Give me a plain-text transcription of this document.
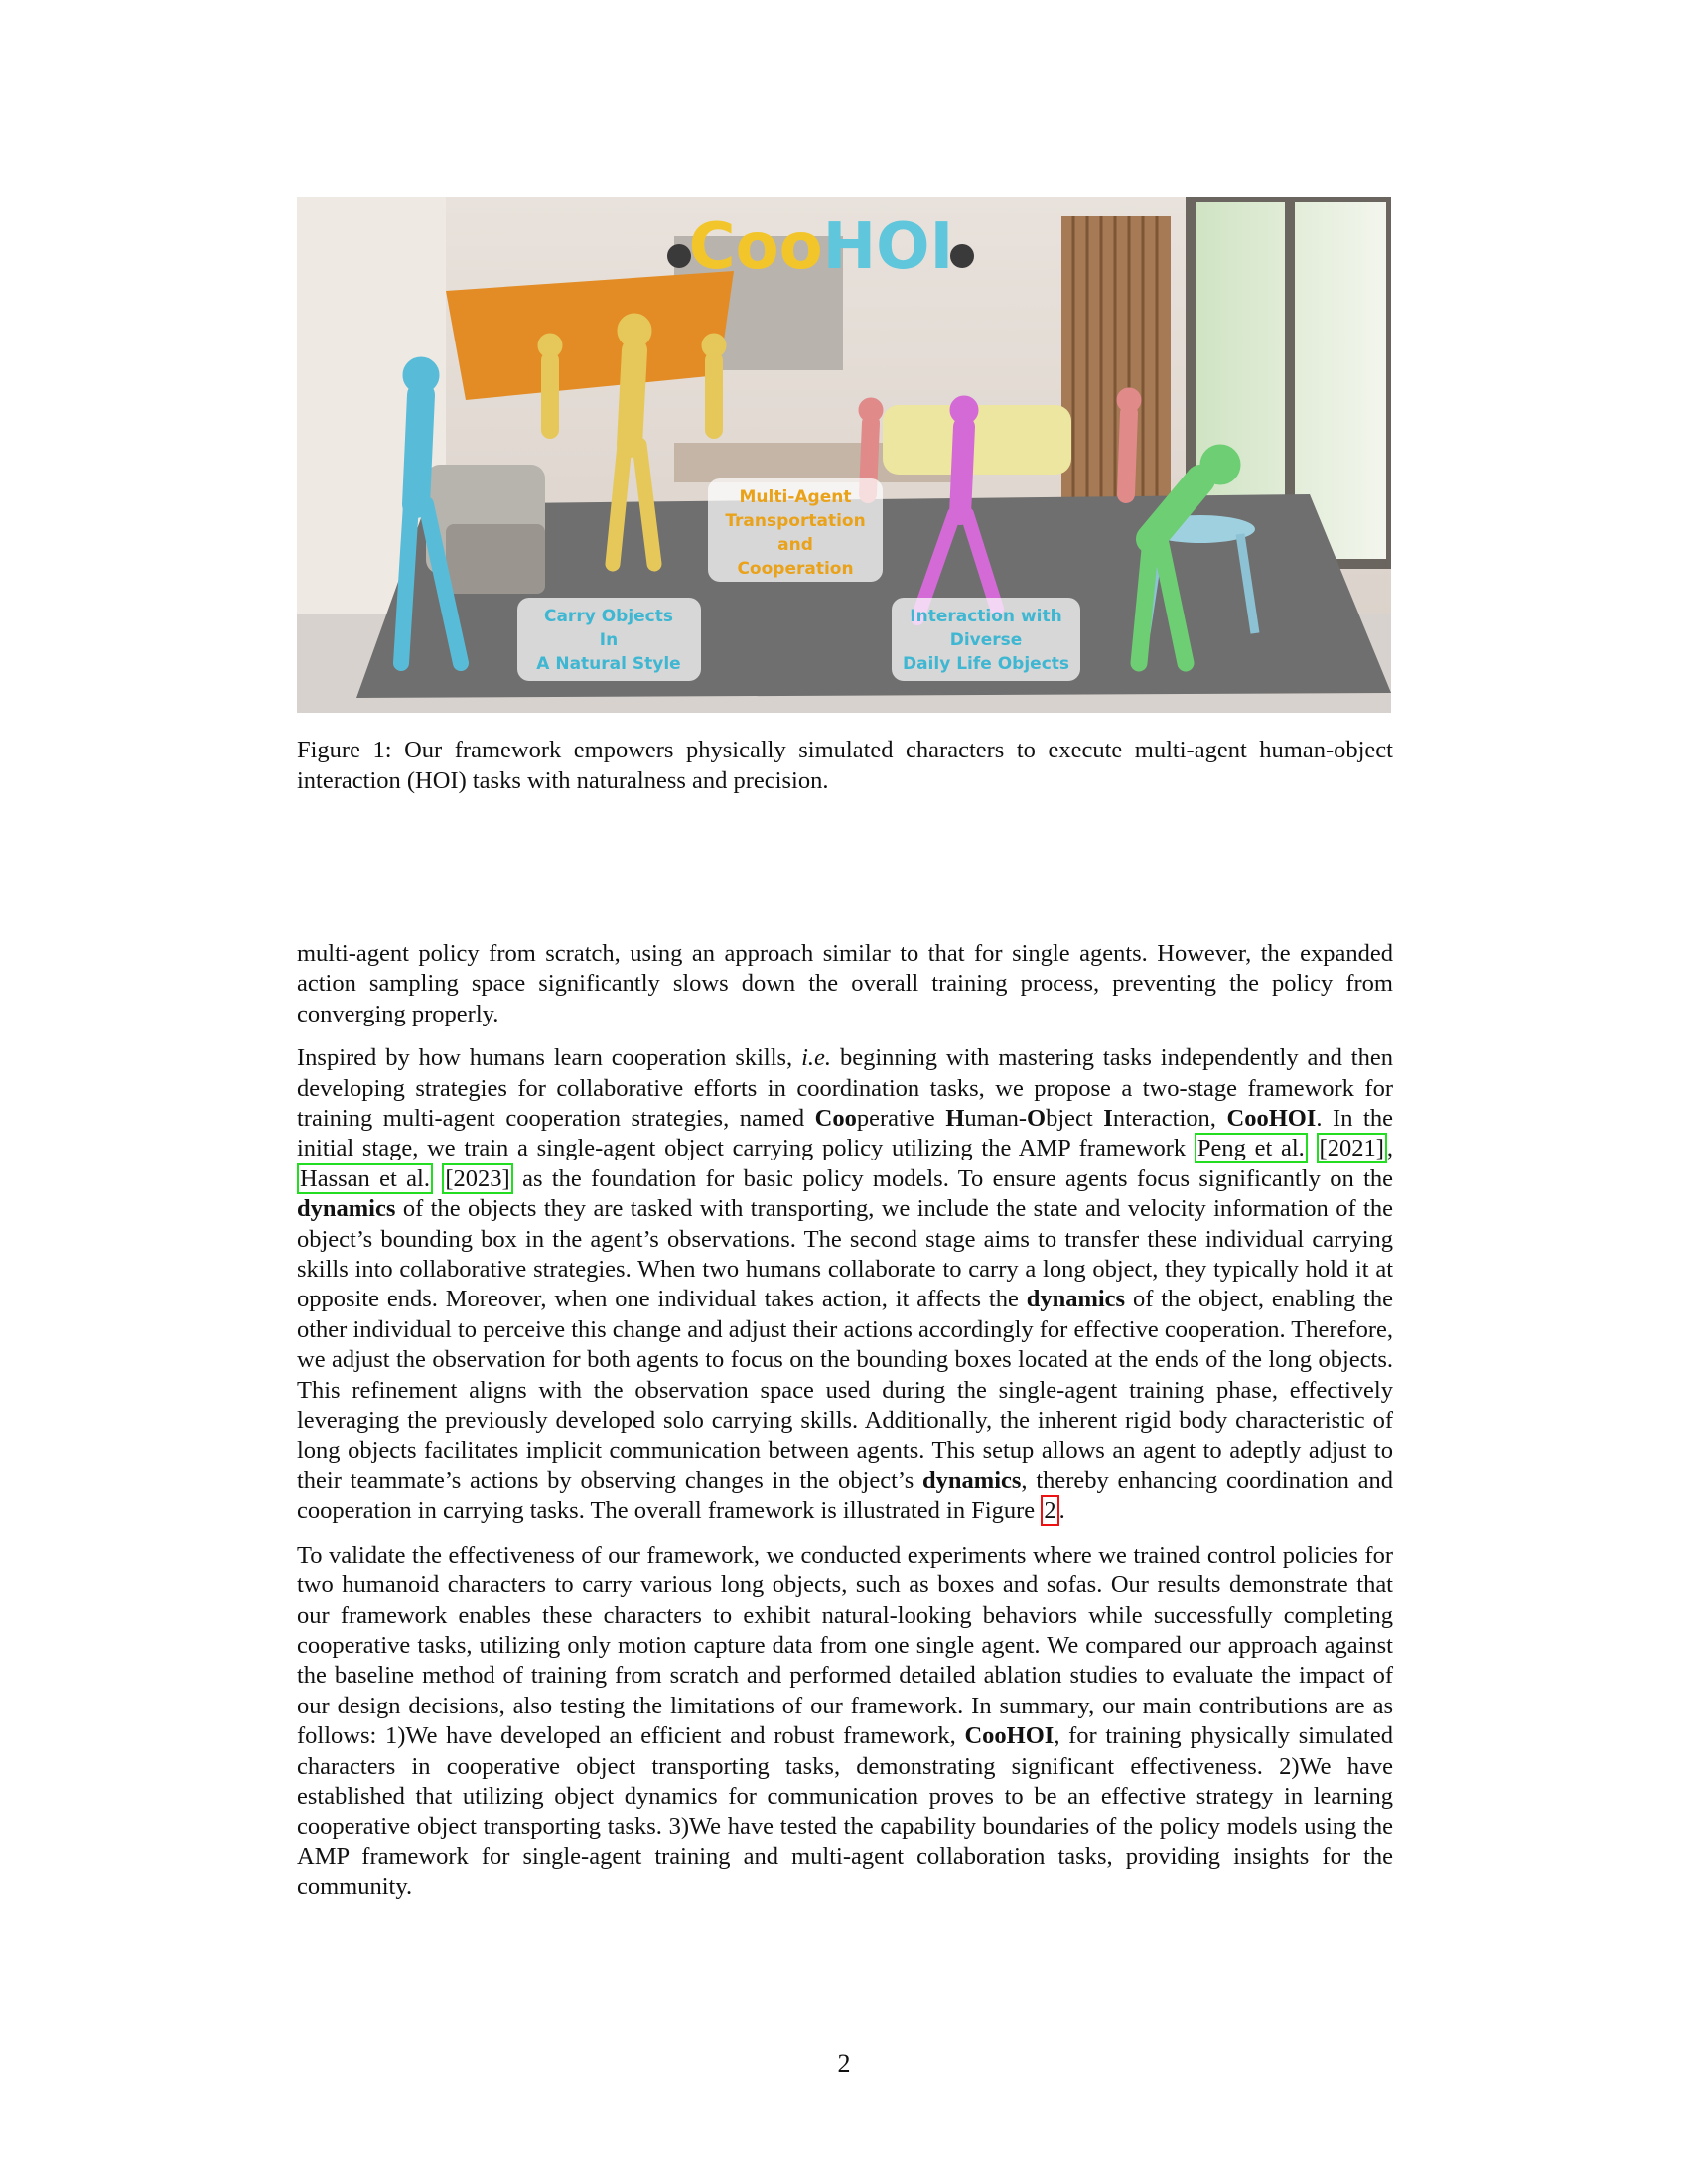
CooHOI
Multi-Agent
Transportation
and
Cooperation
Carry Objects
In
A Natural Style
Interaction with
Diverse
Daily Life Objects
Figure 1: Our framework empowers physically simulated characters to execute multi-agent human-object interaction (HOI) tasks with naturalness and precision.

multi-agent policy from scratch, using an approach similar to that for single agents. However, the expanded action sampling space significantly slows down the overall training process, preventing the policy from converging properly.

Inspired by how humans learn cooperation skills, i.e. beginning with mastering tasks independently and then developing strategies for collaborative efforts in coordination tasks, we propose a two-stage framework for training multi-agent cooperation strategies, named Cooperative Human-Object Interaction, CooHOI. In the initial stage, we train a single-agent object carrying policy utilizing the AMP framework Peng et al. [2021] , Hassan et al. [2023] as the foundation for basic policy models. To ensure agents focus significantly on the dynamics of the objects they are tasked with transporting, we include the state and velocity information of the object’s bounding box in the agent’s observations. The second stage aims to transfer these individual carrying skills into collaborative strategies. When two humans collaborate to carry a long object, they typically hold it at opposite ends. Moreover, when one individual takes action, it affects the dynamics of the object, enabling the other individual to perceive this change and adjust their actions accordingly for effective cooperation. Therefore, we adjust the observation for both agents to focus on the bounding boxes located at the ends of the long objects. This refinement aligns with the observation space used during the single-agent training phase, effectively leveraging the previously developed solo carrying skills. Additionally, the inherent rigid body characteristic of long objects facilitates implicit communication between agents. This setup allows an agent to adeptly adjust to their teammate’s actions by observing changes in the object’s dynamics, thereby enhancing coordination and cooperation in carrying tasks. The overall framework is illustrated in Figure 2 .

To validate the effectiveness of our framework, we conducted experiments where we trained control policies for two humanoid characters to carry various long objects, such as boxes and sofas. Our results demonstrate that our framework enables these characters to exhibit natural-looking behaviors while successfully completing cooperative tasks, utilizing only motion capture data from one single agent. We compared our approach against the baseline method of training from scratch and performed detailed ablation studies to evaluate the impact of our design decisions, also testing the limitations of our framework. In summary, our main contributions are as follows: 1)We have developed an efficient and robust framework, CooHOI, for training physically simulated characters in cooperative object transporting tasks, demonstrating significant effectiveness. 2)We have established that utilizing object dynamics for communication proves to be an effective strategy in learning cooperative object transporting tasks. 3)We have tested the capability boundaries of the policy models using the AMP framework for single-agent training and multi-agent collaboration tasks, providing insights for the community.

2
